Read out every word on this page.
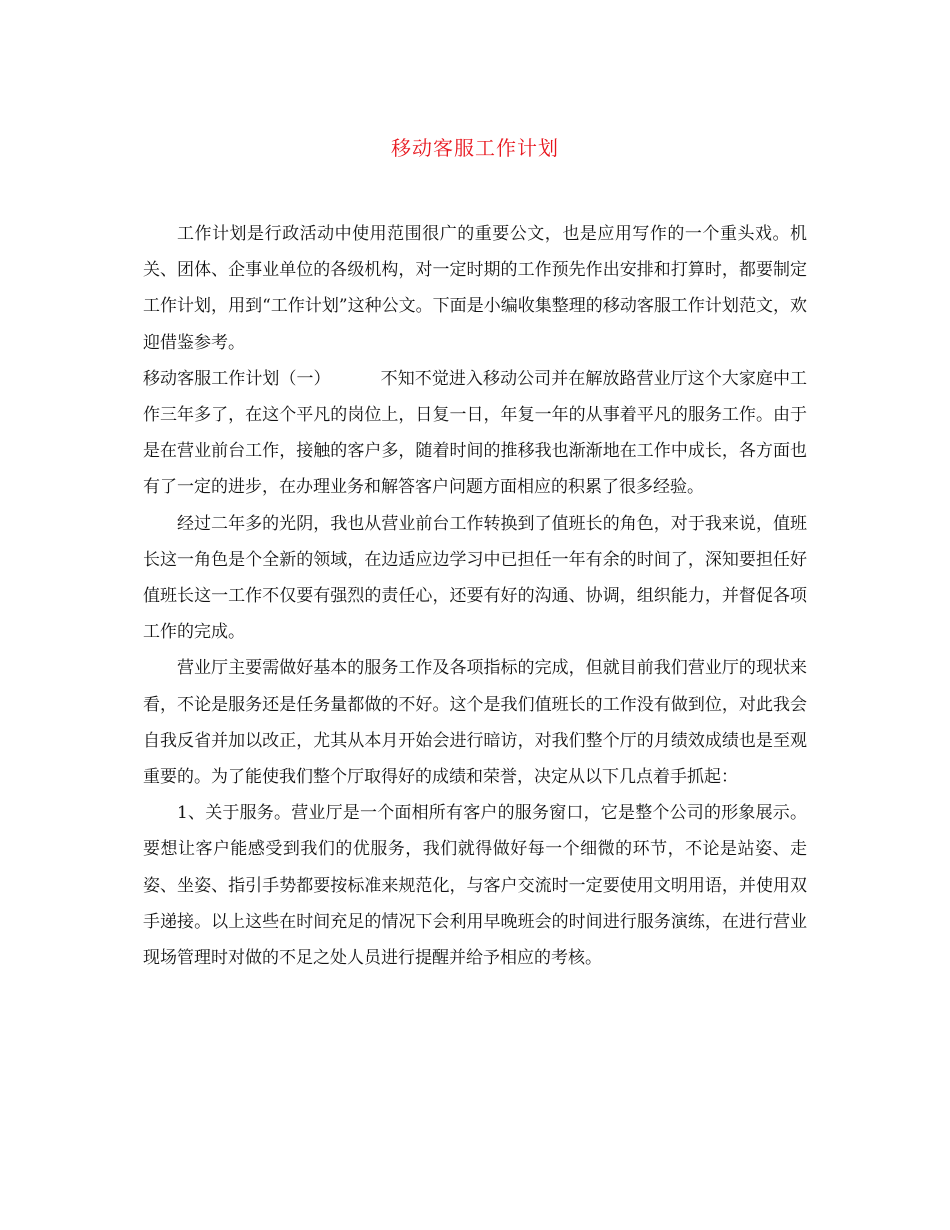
移动客服工作计划

工作计划是行政活动中使用范围很广的重要公文，也是应用写作的一个重头戏。机关、团体、企事业单位的各级机构，对一定时期的工作预先作出安排和打算时，都要制定工作计划，用到“工作计划”这种公文。下面是小编收集整理的移动客服工作计划范文，欢迎借鉴参考。

移动客服工作计划（一）	不知不觉进入移动公司并在解放路营业厅这个大家庭中工作三年多了，在这个平凡的岗位上，日复一日，年复一年的从事着平凡的服务工作。由于是在营业前台工作，接触的客户多，随着时间的推移我也渐渐地在工作中成长，各方面也有了一定的进步，在办理业务和解答客户问题方面相应的积累了很多经验。

经过二年多的光阴，我也从营业前台工作转换到了值班长的角色，对于我来说，值班长这一角色是个全新的领域，在边适应边学习中已担任一年有余的时间了，深知要担任好值班长这一工作不仅要有强烈的责任心，还要有好的沟通、协调，组织能力，并督促各项工作的完成。

营业厅主要需做好基本的服务工作及各项指标的完成，但就目前我们营业厅的现状来看，不论是服务还是任务量都做的不好。这个是我们值班长的工作没有做到位，对此我会自我反省并加以改正，尤其从本月开始会进行暗访，对我们整个厅的月绩效成绩也是至观重要的。为了能使我们整个厅取得好的成绩和荣誉，决定从以下几点着手抓起：

1、关于服务。营业厅是一个面相所有客户的服务窗口，它是整个公司的形象展示。要想让客户能感受到我们的优服务，我们就得做好每一个细微的环节，不论是站姿、走姿、坐姿、指引手势都要按标准来规范化，与客户交流时一定要使用文明用语，并使用双手递接。以上这些在时间充足的情况下会利用早晚班会的时间进行服务演练，在进行营业现场管理时对做的不足之处人员进行提醒并给予相应的考核。
